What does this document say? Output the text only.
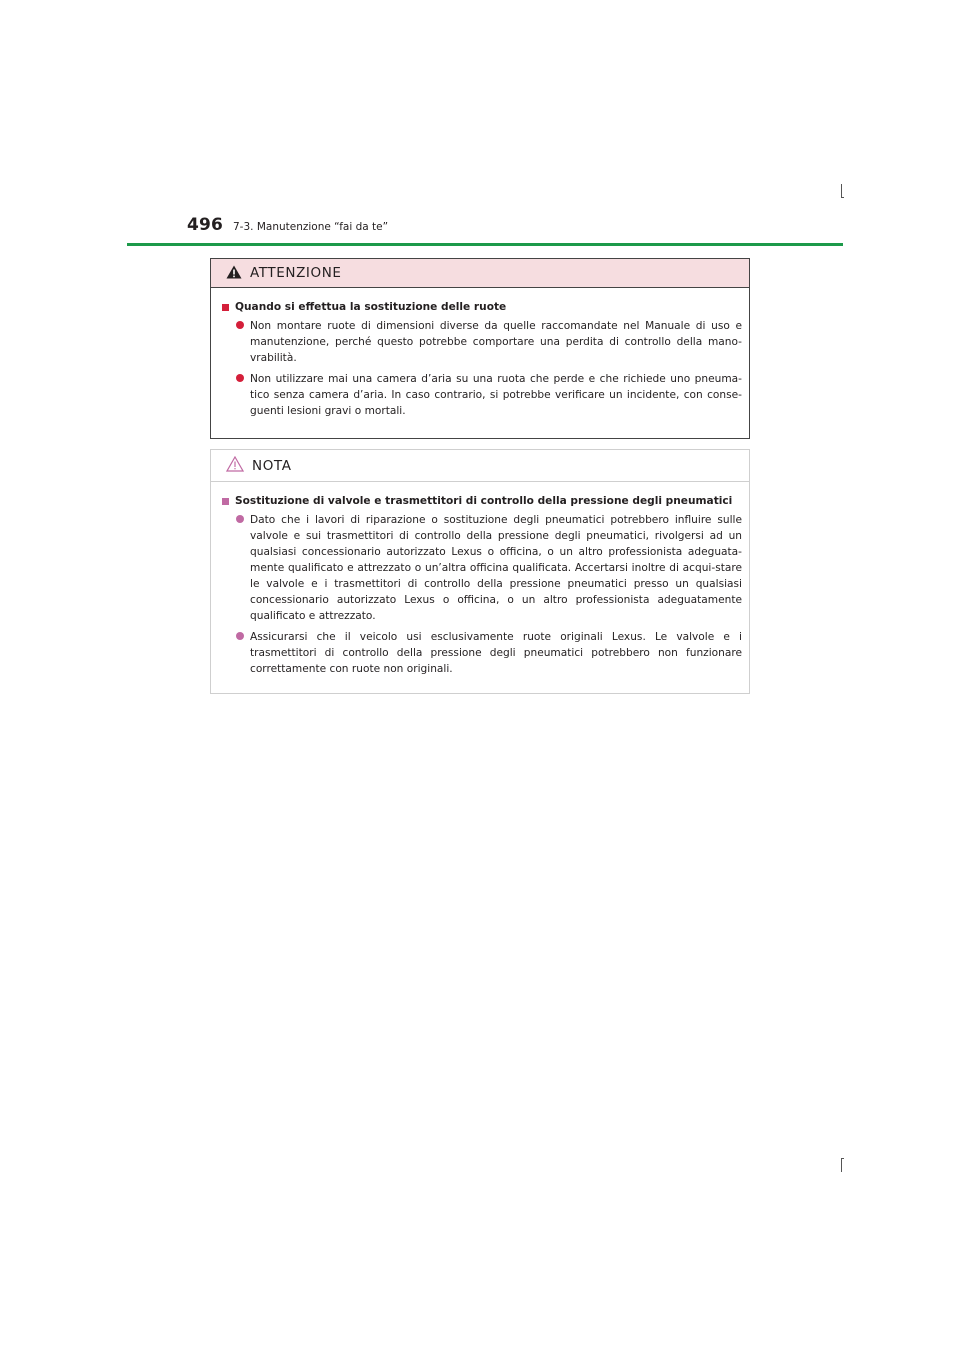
496 7-3. Manutenzione “fai da te”
ATTENZIONE
Quando si effettua la sostituzione delle ruote
Non montare ruote di dimensioni diverse da quelle raccomandate nel Manuale di uso e manutenzione, perché questo potrebbe comportare una perdita di controllo della mano-vrabilità.
Non utilizzare mai una camera d’aria su una ruota che perde e che richiede uno pneuma-tico senza camera d’aria. In caso contrario, si potrebbe verificare un incidente, con conse-guenti lesioni gravi o mortali.
NOTA
Sostituzione di valvole e trasmettitori di controllo della pressione degli pneumatici
Dato che i lavori di riparazione o sostituzione degli pneumatici potrebbero influire sulle valvole e sui trasmettitori di controllo della pressione degli pneumatici, rivolgersi ad un qualsiasi concessionario autorizzato Lexus o officina, o un altro professionista adeguata-mente qualificato e attrezzato o un’altra officina qualificata. Accertarsi inoltre di acqui-stare le valvole e i trasmettitori di controllo della pressione pneumatici presso un qualsiasi concessionario autorizzato Lexus o officina, o un altro professionista adeguatamente qualificato e attrezzato.
Assicurarsi che il veicolo usi esclusivamente ruote originali Lexus. Le valvole e i trasmettitori di controllo della pressione degli pneumatici potrebbero non funzionare correttamente con ruote non originali.
